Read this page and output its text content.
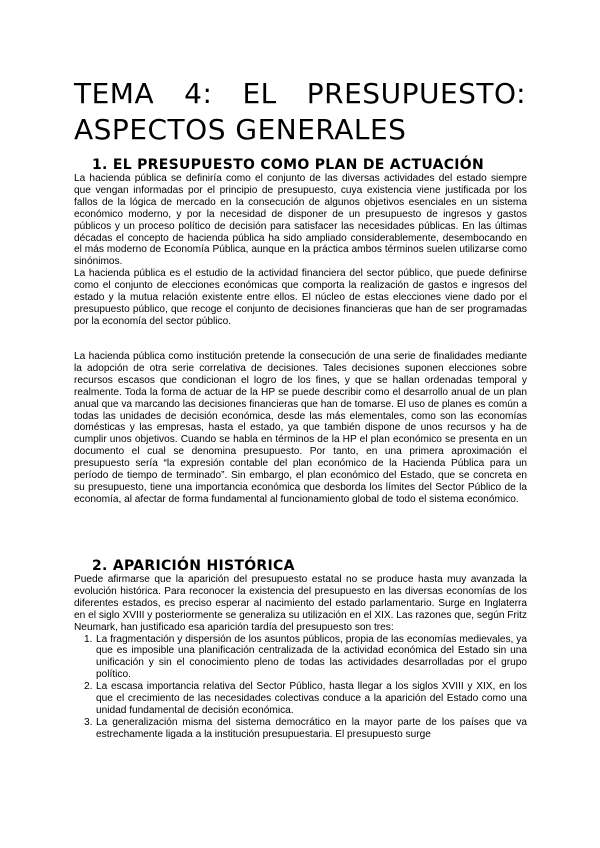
TEMA 4: EL PRESUPUESTO:
ASPECTOS GENERALES
1. EL PRESUPUESTO COMO PLAN DE ACTUACIÓN

La hacienda pública se definiría como el conjunto de las diversas actividades del estado siempre que vengan informadas por el principio de presupuesto, cuya existencia viene justificada por los fallos de la lógica de mercado en la consecución de algunos objetivos esenciales en un sistema económico moderno, y por la necesidad de disponer de un presupuesto de ingresos y gastos públicos y un proceso político de decisión para satisfacer las necesidades públicas. En las últimas décadas el concepto de hacienda pública ha sido ampliado considerablemente, desembocando en el más moderno de Economía Pública, aunque en la práctica ambos términos suelen utilizarse como sinónimos.

La hacienda pública es el estudio de la actividad financiera del sector público, que puede definirse como el conjunto de elecciones económicas que comporta la realización de gastos e ingresos del estado y la mutua relación existente entre ellos. El núcleo de estas elecciones viene dado por el presupuesto público, que recoge el conjunto de decisiones financieras que han de ser programadas por la economía del sector público.

La hacienda pública como institución pretende la consecución de una serie de finalidades mediante la adopción de otra serie correlativa de decisiones. Tales decisiones suponen elecciones sobre recursos escasos que condicionan el logro de los fines, y que se hallan ordenadas temporal y realmente. Toda la forma de actuar de la HP se puede describir como el desarrollo anual de un plan anual que va marcando las decisiones financieras que han de tomarse. El uso de planes es común a todas las unidades de decisión económica, desde las más elementales, como son las economías domésticas y las empresas, hasta el estado, ya que también dispone de unos recursos y ha de cumplir unos objetivos. Cuando se habla en términos de la HP el plan económico se presenta en un documento el cual se denomina presupuesto. Por tanto, en una primera aproximación el presupuesto sería “la expresión contable del plan económico de la Hacienda Pública para un período de tiempo de terminado”. Sin embargo, el plan económico del Estado, que se concreta en su presupuesto, tiene una importancia económica que desborda los límites del Sector Público de la economía, al afectar de forma fundamental al funcionamiento global de todo el sistema económico.

2. APARICIÓN HISTÓRICA

Puede afirmarse que la aparición del presupuesto estatal no se produce hasta muy avanzada la evolución histórica. Para reconocer la existencia del presupuesto en las diversas economías de los diferentes estados, es preciso esperar al nacimiento del estado parlamentario. Surge en Inglaterra en el siglo XVIII y posteriormente se generaliza su utilización en el XIX. Las razones que, según Fritz Neumark, han justificado esa aparición tardía del presupuesto son tres:

1. La fragmentación y dispersión de los asuntos públicos, propia de las economías medievales, ya que es imposible una planificación centralizada de la actividad económica del Estado sin una unificación y sin el conocimiento pleno de todas las actividades desarrolladas por el grupo político.
2. La escasa importancia relativa del Sector Público, hasta llegar a los siglos XVIII y XIX, en los que el crecimiento de las necesidades colectivas conduce a la aparición del Estado como una unidad fundamental de decisión económica.
3. La generalización misma del sistema democrático en la mayor parte de los países que va estrechamente ligada a la institución presupuestaria. El presupuesto surge
